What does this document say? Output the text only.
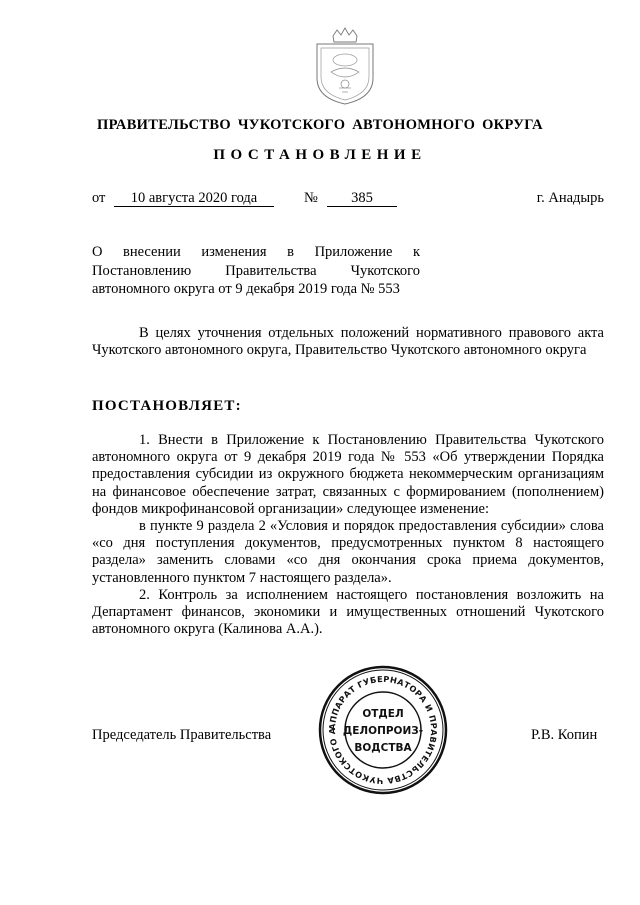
ПРАВИТЕЛЬСТВО ЧУКОТСКОГО АВТОНОМНОГО ОКРУГА
ПОСТАНОВЛЕНИЕ
от	10 августа 2020 года	№	385	г. Анадырь

О внесении изменения в Приложение к Постановлению Правительства Чукотского автономного округа от 9 декабря 2019 года № 553

В целях уточнения отдельных положений нормативного правового акта Чукотского автономного округа, Правительство Чукотского автономного округа

ПОСТАНОВЛЯЕТ:

1. Внести в Приложение к Постановлению Правительства Чукотского автономного округа от 9 декабря 2019 года № 553 «Об утверждении Порядка предоставления субсидии из окружного бюджета некоммерческим организациям на финансовое обеспечение затрат, связанных с формированием (пополнением) фондов микрофинансовой организации» следующее изменение:

в пункте 9 раздела 2 «Условия и порядок предоставления субсидии» слова «со дня поступления документов, предусмотренных пунктом 8 настоящего раздела» заменить словами «со дня окончания срока приема документов, установленного пунктом 7 настоящего раздела».

2. Контроль за исполнением настоящего постановления возложить на Департамент финансов, экономики и имущественных отношений Чукотского автономного округа (Калинова А.А.).

Председатель Правительства	Р.В. Копин
АППАРАТ ГУБЕРНАТОРА И ПРАВИТЕЛЬСТВА ЧУКОТСКОГО А
ОТДЕЛ
ДЕЛОПРОИЗ-
ВОДСТВА
